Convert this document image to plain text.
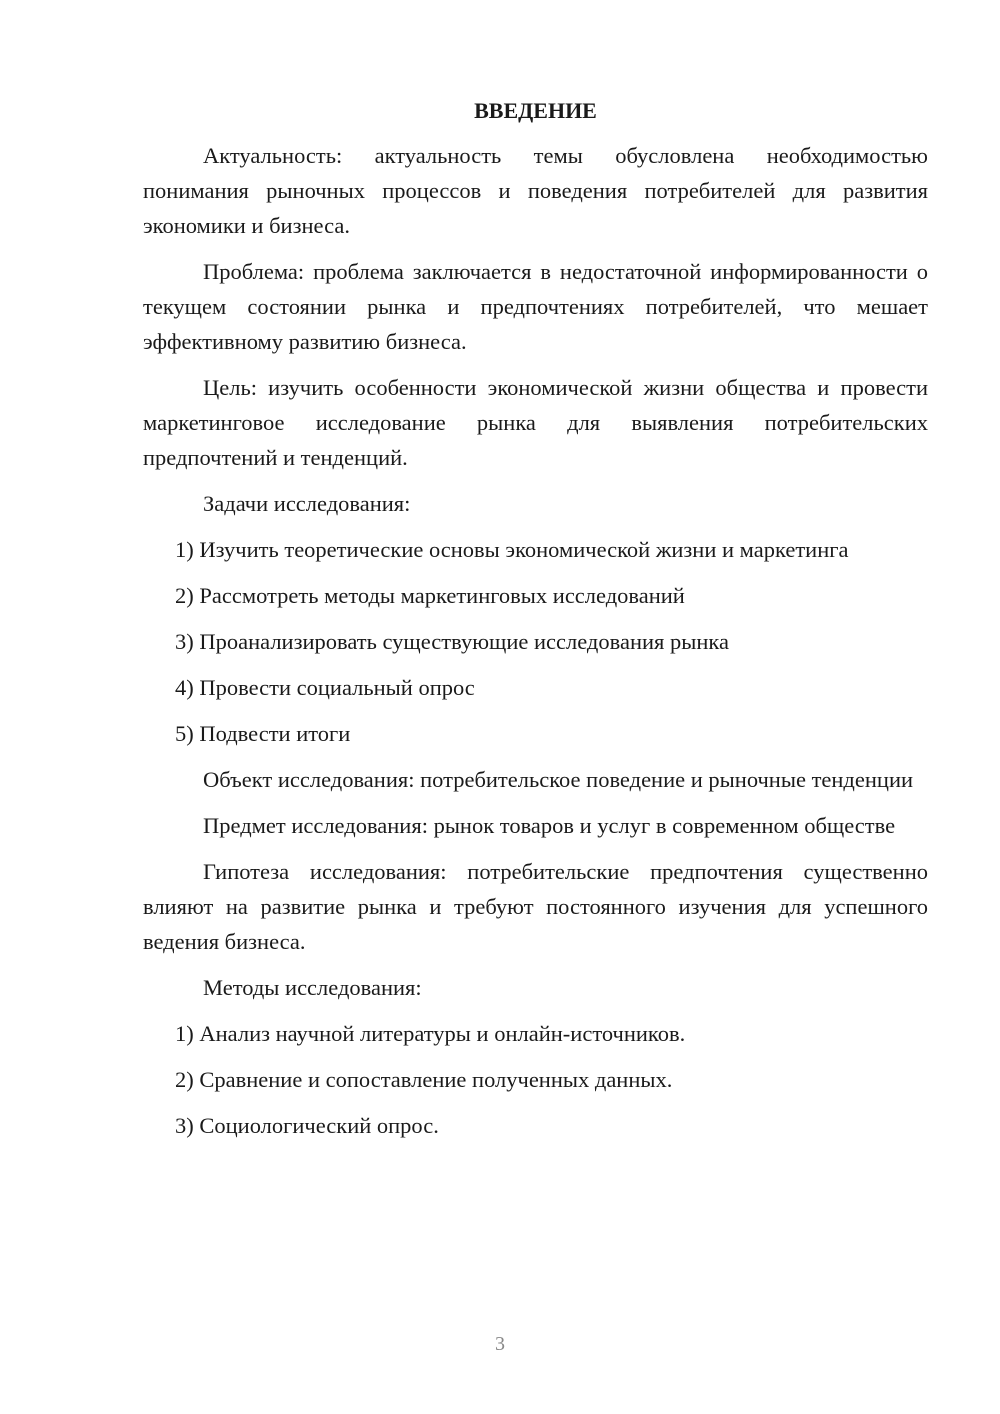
ВВЕДЕНИЕ

Актуальность: актуальность темы обусловлена необходимостью понимания рыночных процессов и поведения потребителей для развития экономики и бизнеса.

Проблема: проблема заключается в недостаточной информированности о текущем состоянии рынка и предпочтениях потребителей, что мешает эффективному развитию бизнеса.

Цель: изучить особенности экономической жизни общества и провести маркетинговое исследование рынка для выявления потребительских предпочтений и тенденций.

Задачи исследования:

1) Изучить теоретические основы экономической жизни и маркетинга

2) Рассмотреть методы маркетинговых исследований

3) Проанализировать существующие исследования рынка

4) Провести социальный опрос

5) Подвести итоги

Объект исследования: потребительское поведение и рыночные тенденции

Предмет исследования: рынок товаров и услуг в современном обществе

Гипотеза исследования: потребительские предпочтения существенно влияют на развитие рынка и требуют постоянного изучения для успешного ведения бизнеса.

Методы исследования:

1) Анализ научной литературы и онлайн-источников.

2) Сравнение и сопоставление полученных данных.

3) Социологический опрос.

3
